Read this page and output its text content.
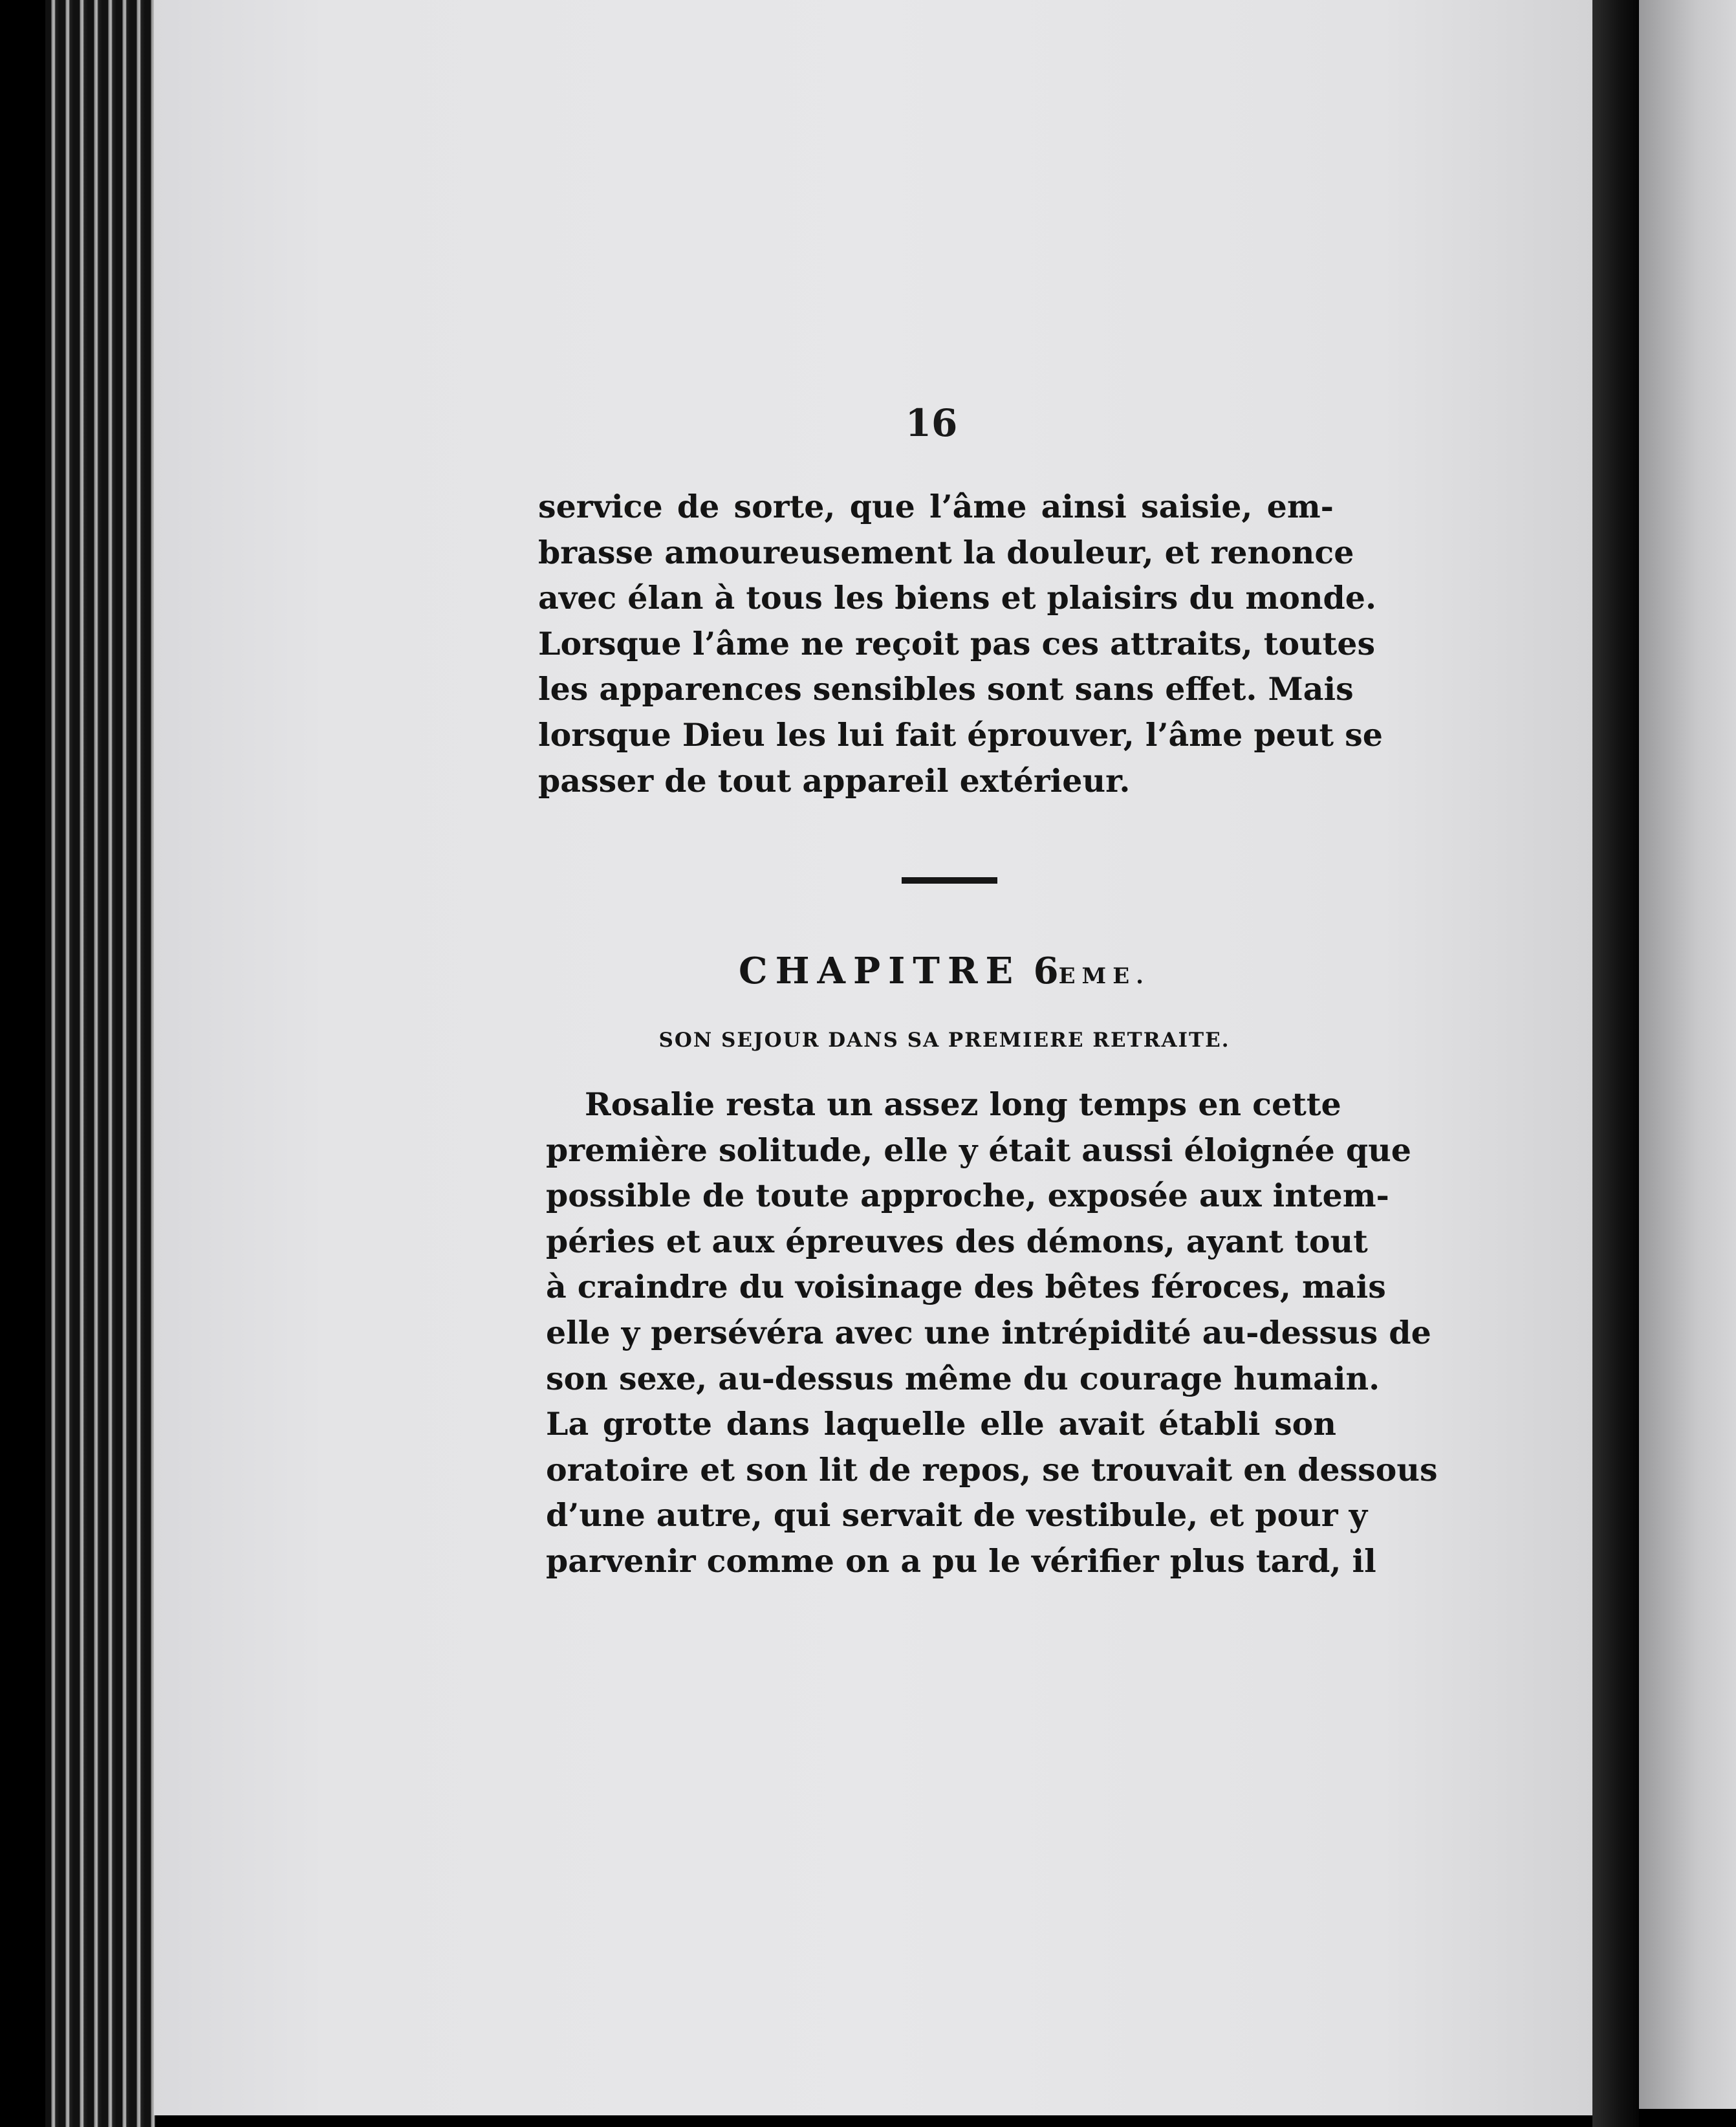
16
service de sorte, que l’âme ainsi saisie, em-
brasse amoureusement la douleur, et renonce
avec élan à tous les biens et plaisirs du monde.
Lorsque l’âme ne reçoit pas ces attraits, toutes
les apparences sensibles sont sans effet. Mais
lorsque Dieu les lui fait éprouver, l’âme peut se
passer de tout appareil extérieur.
CHAPITRE 6EME.
SON SEJOUR DANS SA PREMIERE RETRAITE.
Rosalie resta un assez long temps en cette
première solitude, elle y était aussi éloignée que
possible de toute approche, exposée aux intem-
péries et aux épreuves des démons, ayant tout
à craindre du voisinage des bêtes féroces, mais
elle y persévéra avec une intrépidité au-dessus de
son sexe, au-dessus même du courage humain.
La grotte dans laquelle elle avait établi son
oratoire et son lit de repos, se trouvait en dessous
d’une autre, qui servait de vestibule, et pour y
parvenir comme on a pu le vérifier plus tard, il
